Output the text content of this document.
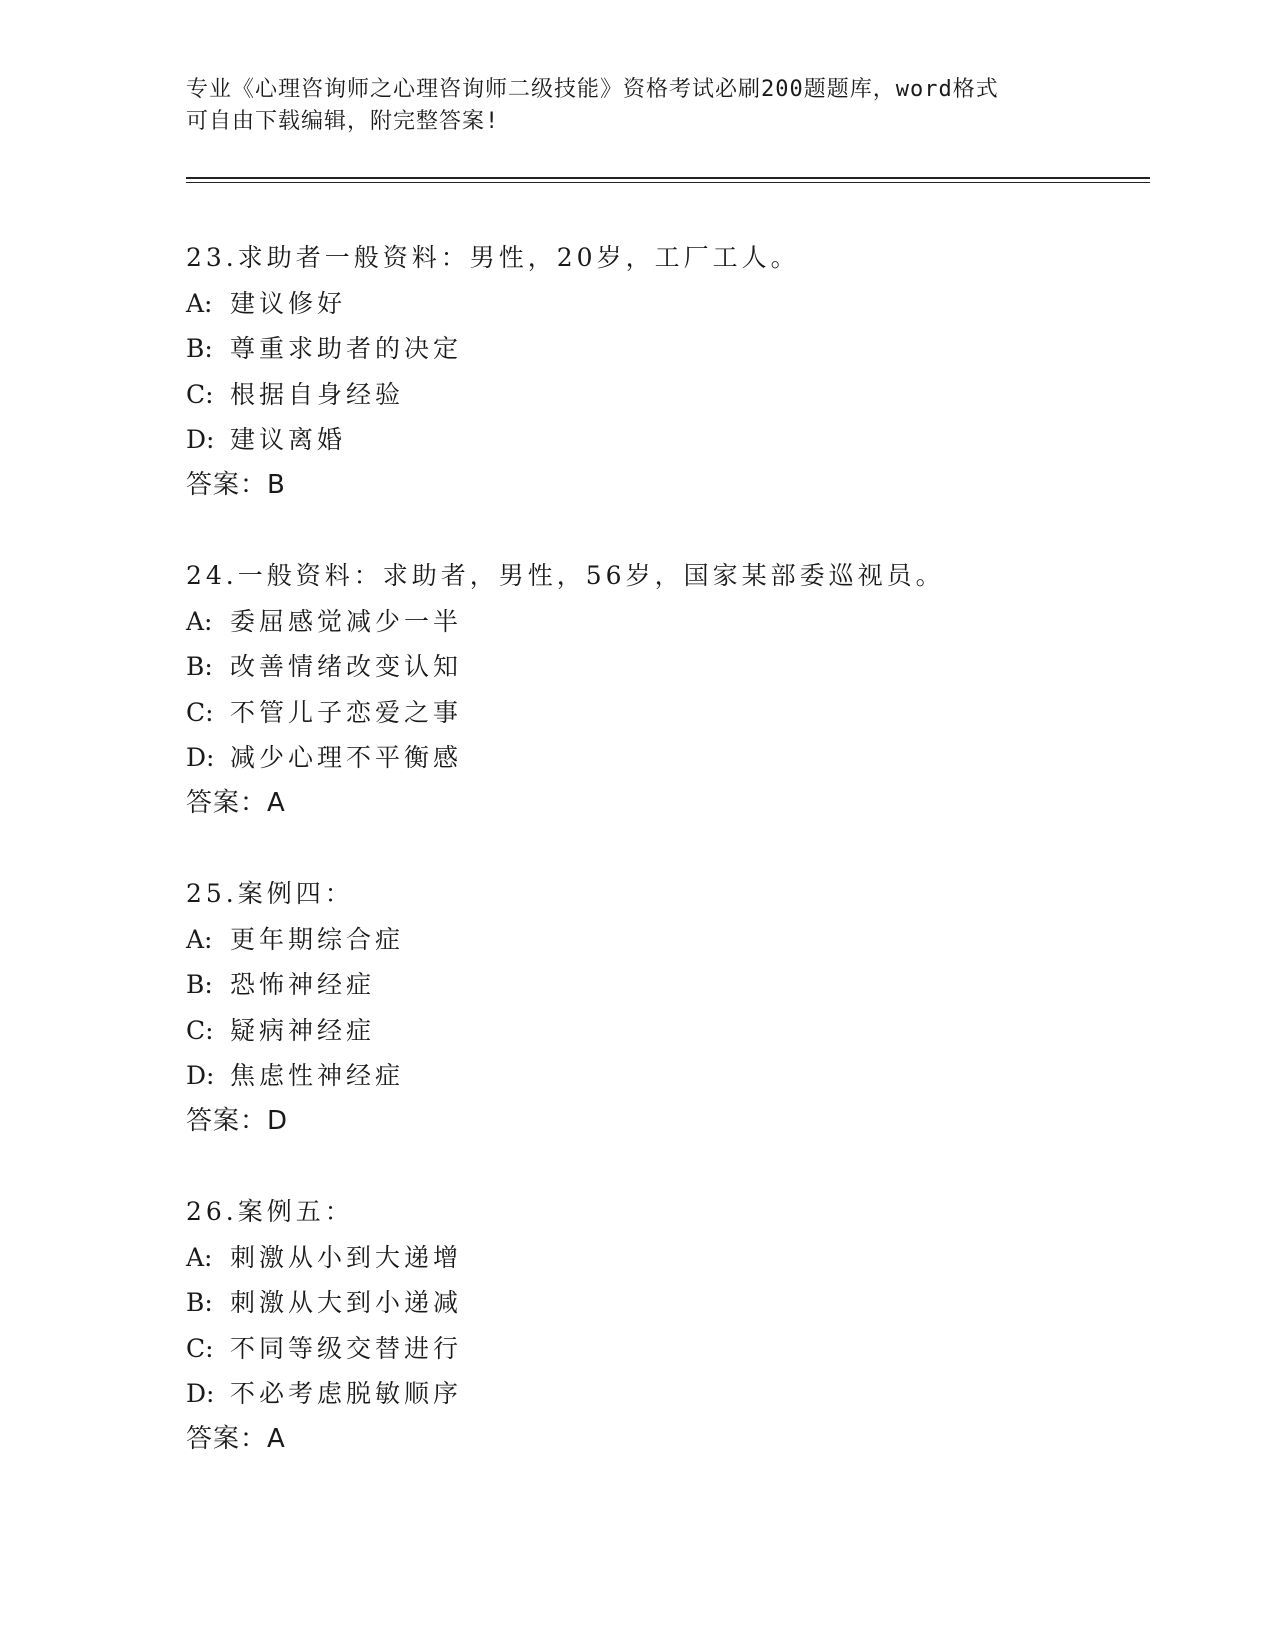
专业《心理咨询师之心理咨询师二级技能》资格考试必刷200题题库，word格式
可自由下载编辑，附完整答案!
23.求助者一般资料：男性，20岁，工厂工人。
A: 建议修好
B: 尊重求助者的决定
C: 根据自身经验
D: 建议离婚
答案：B
24.一般资料：求助者，男性，56岁，国家某部委巡视员。
A: 委屈感觉减少一半
B: 改善情绪改变认知
C: 不管儿子恋爱之事
D: 减少心理不平衡感
答案：A
25.案例四：
A: 更年期综合症
B: 恐怖神经症
C: 疑病神经症
D: 焦虑性神经症
答案：D
26.案例五：
A: 刺激从小到大递增
B: 刺激从大到小递减
C: 不同等级交替进行
D: 不必考虑脱敏顺序
答案：A
